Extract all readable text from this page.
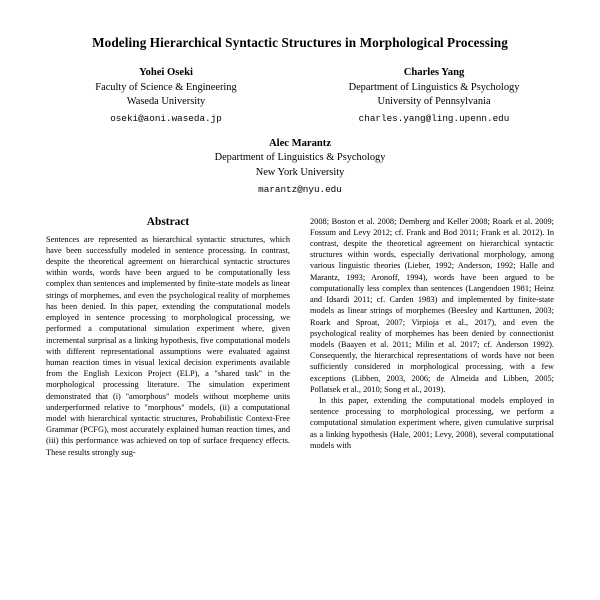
Modeling Hierarchical Syntactic Structures in Morphological Processing
Yohei Oseki
Faculty of Science & Engineering
Waseda University
oseki@aoni.waseda.jp
Charles Yang
Department of Linguistics & Psychology
University of Pennsylvania
charles.yang@ling.upenn.edu
Alec Marantz
Department of Linguistics & Psychology
New York University
marantz@nyu.edu
Abstract

Sentences are represented as hierarchical syntactic structures, which have been successfully modeled in sentence processing. In contrast, despite the theoretical agreement on hierarchical syntactic structures within words, words have been argued to be computationally less complex than sentences and implemented by finite-state models as linear strings of morphemes, and even the psychological reality of morphemes has been denied. In this paper, extending the computational models employed in sentence processing to morphological processing, we performed a computational simulation experiment where, given incremental surprisal as a linking hypothesis, five computational models with different representational assumptions were evaluated against human reaction times in visual lexical decision experiments available from the English Lexicon Project (ELP), a "shared task" in the morphological processing literature. The simulation experiment demonstrated that (i) "amorphous" models without morpheme units underperformed relative to "morphous" models, (ii) a computational model with hierarchical syntactic structures, Probabilistic Context-Free Grammar (PCFG), most accurately explained human reaction times, and (iii) this performance was achieved on top of surface frequency effects. These results strongly sug-

2008; Boston et al. 2008; Demberg and Keller 2008; Roark et al. 2009; Fossum and Levy 2012; cf. Frank and Bod 2011; Frank et al. 2012). In contrast, despite the theoretical agreement on hierarchical syntactic structures within words, especially derivational morphology, among various linguistic theories (Lieber, 1992; Anderson, 1992; Halle and Marantz, 1993; Aronoff, 1994), words have been argued to be computationally less complex than sentences (Langendoen 1981; Heinz and Idsardi 2011; cf. Carden 1983) and implemented by finite-state models as linear strings of morphemes (Beesley and Karttunen, 2003; Roark and Sproat, 2007; Virpioja et al., 2017), and even the psychological reality of morphemes has been denied by connectionist models (Baayen et al. 2011; Milin et al. 2017; cf. Anderson 1992). Consequently, the hierarchical representations of words have not been sufficiently considered in morphological processing, with a few exceptions (Libben, 2003, 2006; de Almeida and Libben, 2005; Pollatsek et al., 2010; Song et al., 2019).

In this paper, extending the computational models employed in sentence processing to morphological processing, we perform a computational simulation experiment where, given cumulative surprisal as a linking hypothesis (Hale, 2001; Levy, 2008), several computational models with
